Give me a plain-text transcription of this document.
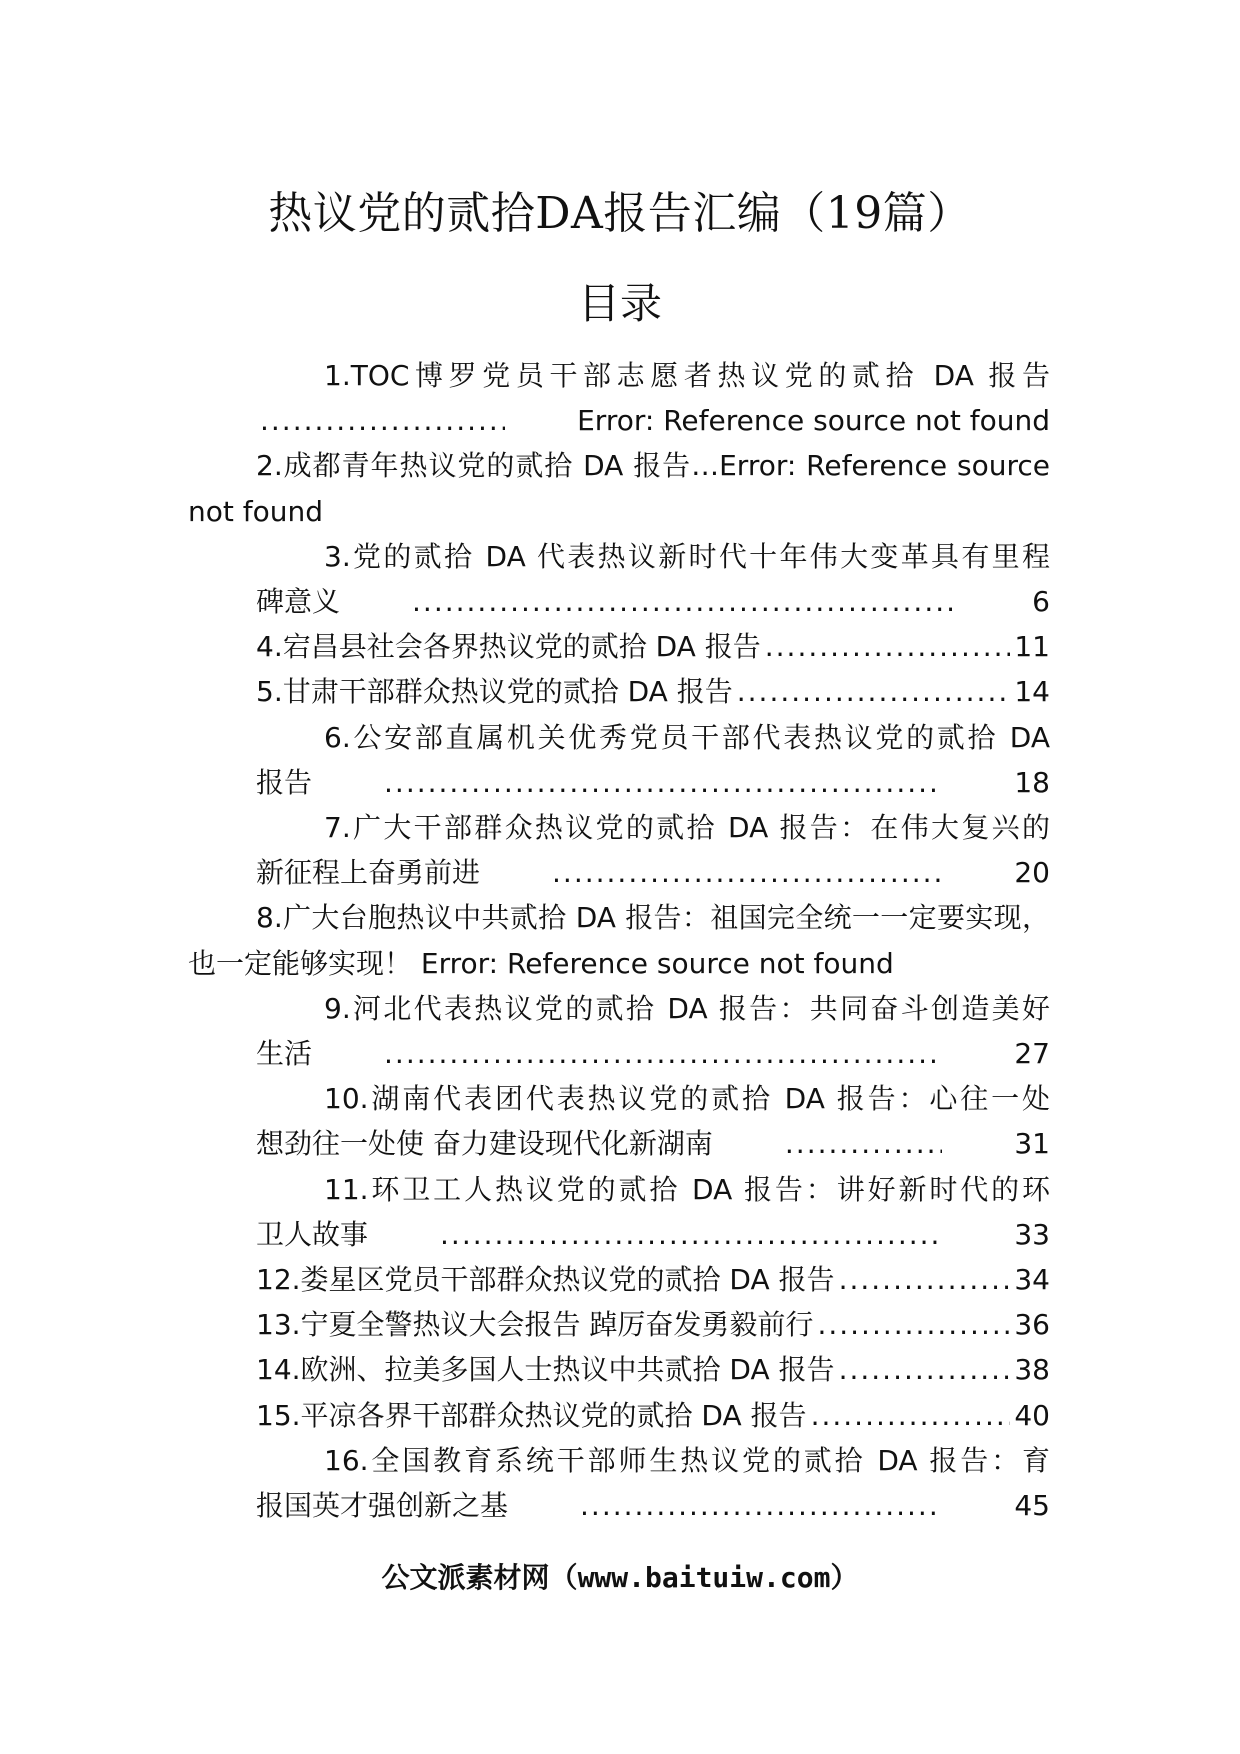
热议党的贰拾DA报告汇编（19篇）
目录
1.TOC博罗党员干部志愿者热议党的贰拾 DA 报告
.....
Error: Reference source not found
2.成都青年热议党的贰拾 DA 报告…Error: Reference source not found
3.党的贰拾 DA 代表热议新时代十年伟大变革具有里程
碑意义 .....	6
4.宕昌县社会各界热议党的贰拾 DA 报告 .....	11
5.甘肃干部群众热议党的贰拾 DA 报告 .....	14
6.公安部直属机关优秀党员干部代表热议党的贰拾 DA
报告 .....	18
7.广大干部群众热议党的贰拾 DA 报告：在伟大复兴的
新征程上奋勇前进 .....	20
8.广大台胞热议中共贰拾 DA 报告：祖国完全统一一定要实现，也一定能够实现！ Error: Reference source not found
9.河北代表热议党的贰拾 DA 报告：共同奋斗创造美好
生活 .....	27
10.湖南代表团代表热议党的贰拾 DA 报告：心往一处
想劲往一处使 奋力建设现代化新湖南 .....	31
11.环卫工人热议党的贰拾 DA 报告：讲好新时代的环
卫人故事 .....	33
12.娄星区党员干部群众热议党的贰拾 DA 报告 .....	34
13.宁夏全警热议大会报告 踔厉奋发勇毅前行 .....	36
14.欧洲、拉美多国人士热议中共贰拾 DA 报告 .....	38
15.平凉各界干部群众热议党的贰拾 DA 报告 .....	40
16.全国教育系统干部师生热议党的贰拾 DA 报告：育
报国英才强创新之基 .....	45
公文派素材网（www.baituiw.com）
